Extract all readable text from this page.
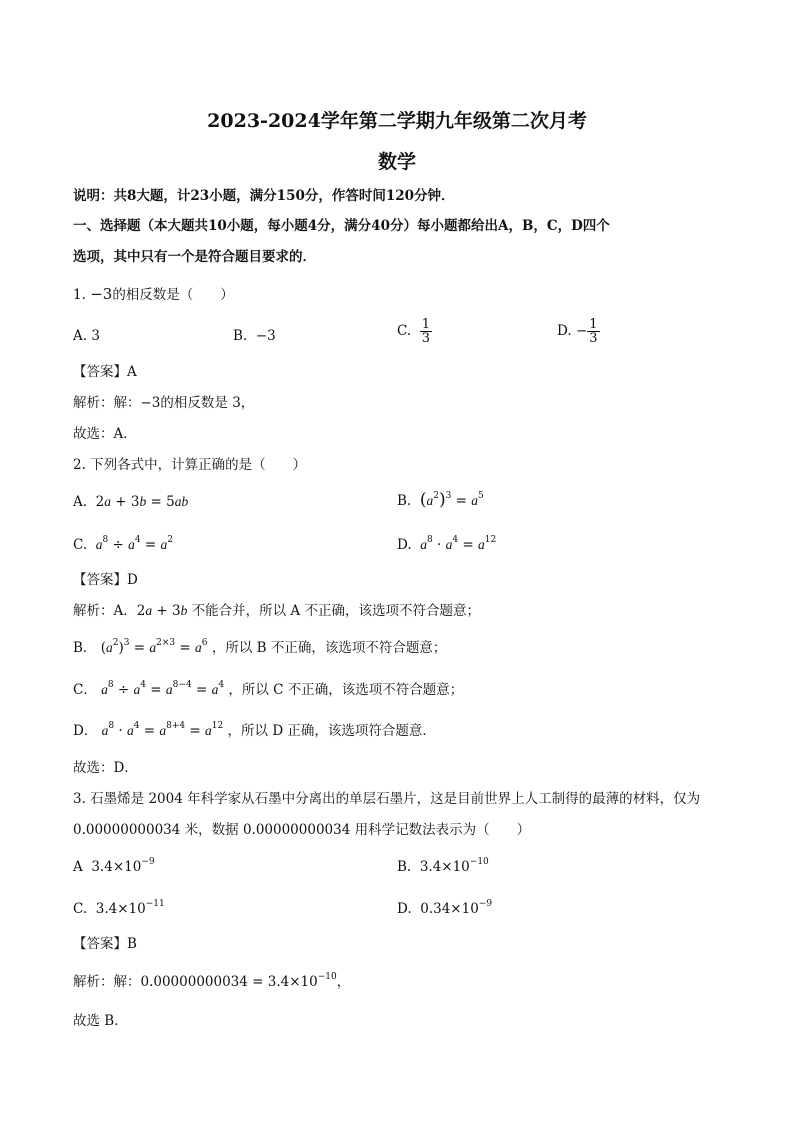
2023-2024学年第二学期九年级第二次月考
数学
说明：共8大题，计23小题，满分150分，作答时间120分钟．
一、选择题（本大题共10小题，每小题4分，满分40分）每小题都给出A，B，C，D四个
选项，其中只有一个是符合题目要求的．
1. −3的相反数是（　　）
A. 3	B. −3	C. $\frac{1}{3}$	D. − $\frac{1}{3}$
【答案】A
解析：解：−3的相反数是 3，
故选：A．
2. 下列各式中，计算正确的是（　　）
A.  2a + 3b = 5ab	B. $(a^2)^3 = a^5$
C. $a^8 \div a^4 = a^2$	D. $a^8 \cdot a^4 = a^{12}$
【答案】D
解析：A．2a + 3b 不能合并，所以 A 不正确，该选项不符合题意；
B． $(a^2)^3 = a^{2\times 3} = a^6$ ，所以 B 不正确，该选项不符合题意；
C． $a^8 \div a^4 = a^{8-4} = a^4$ ，所以 C 不正确，该选项不符合题意；
D． $a^8 \cdot a^4 = a^{8+4} = a^{12}$ ，所以 D 正确，该选项符合题意．
故选：D．
3. 石墨烯是 2004 年科学家从石墨中分离出的单层石墨片，这是目前世界上人工制得的最薄的材料，仅为
0.00000000034 米，数据 0.00000000034 用科学记数法表示为（　　）
A $3.4\times 10^{-9}$	B. $3.4\times 10^{-10}$
C. $3.4\times 10^{-11}$	D. $0.34\times 10^{-9}$
【答案】B
解析：解：$0.00000000034 = 3.4\times 10^{-10}$，
故选 B．
